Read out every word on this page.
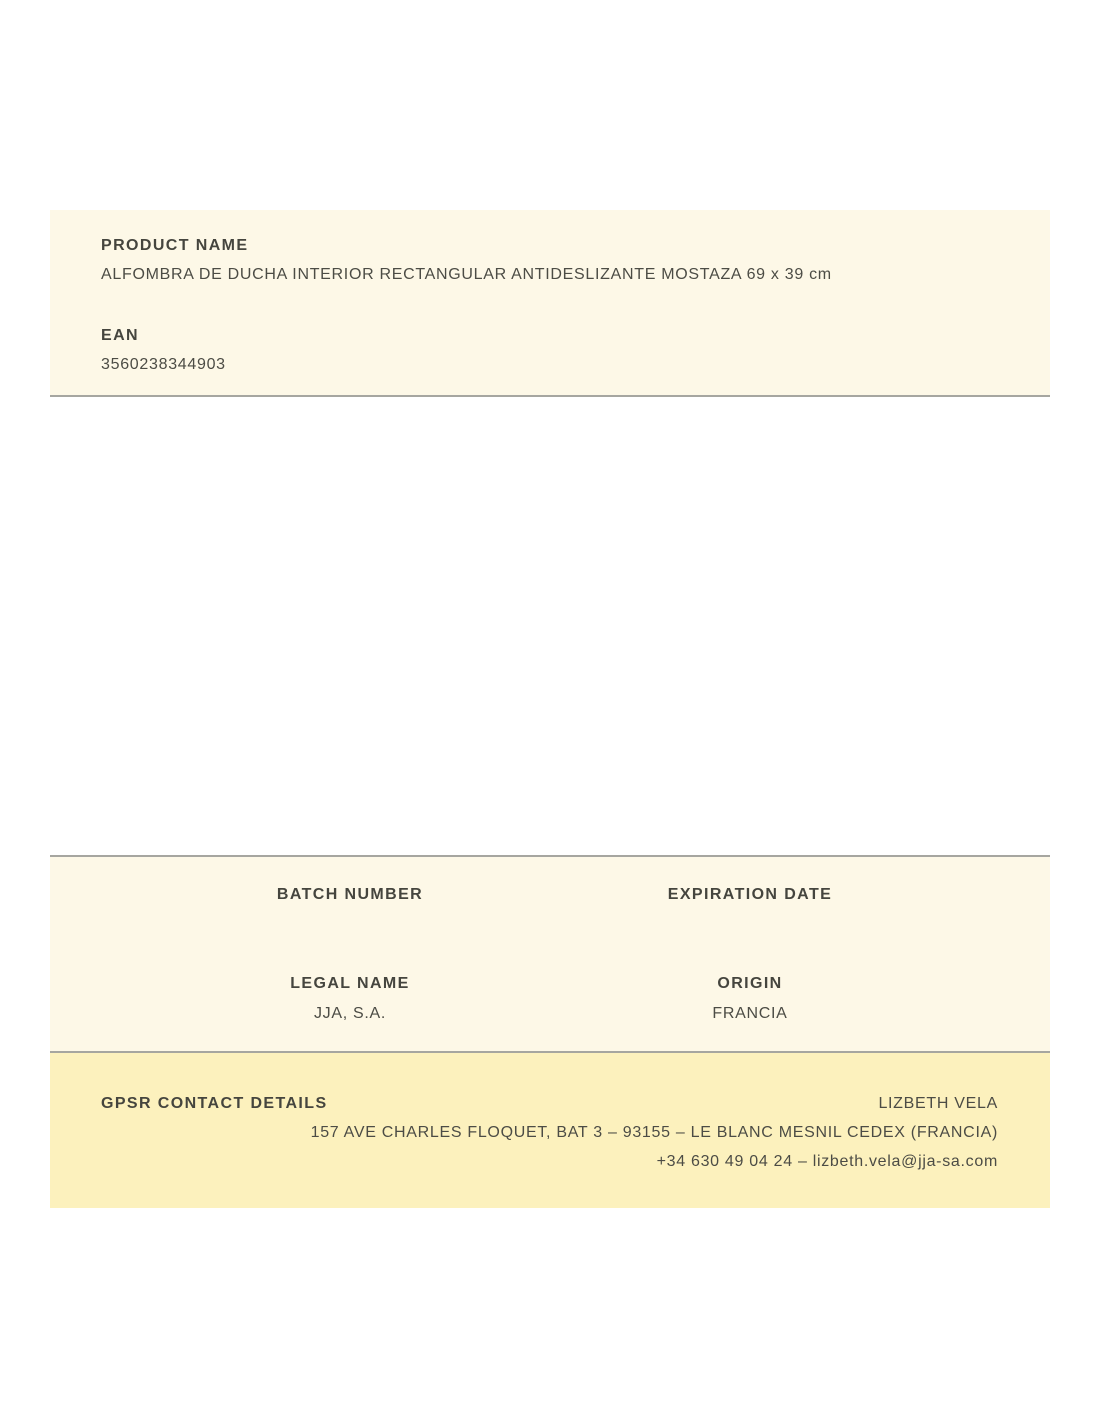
PRODUCT NAME
ALFOMBRA DE DUCHA INTERIOR RECTANGULAR ANTIDESLIZANTE MOSTAZA 69 x 39 cm
EAN
3560238344903
BATCH NUMBER	EXPIRATION DATE
LEGAL NAME
JJA, S.A.
ORIGIN
FRANCIA
GPSR CONTACT DETAILS	LIZBETH VELA
157 AVE CHARLES FLOQUET, BAT 3 – 93155 – LE BLANC MESNIL CEDEX (FRANCIA)
+34 630 49 04 24 – lizbeth.vela@jja-sa.com
